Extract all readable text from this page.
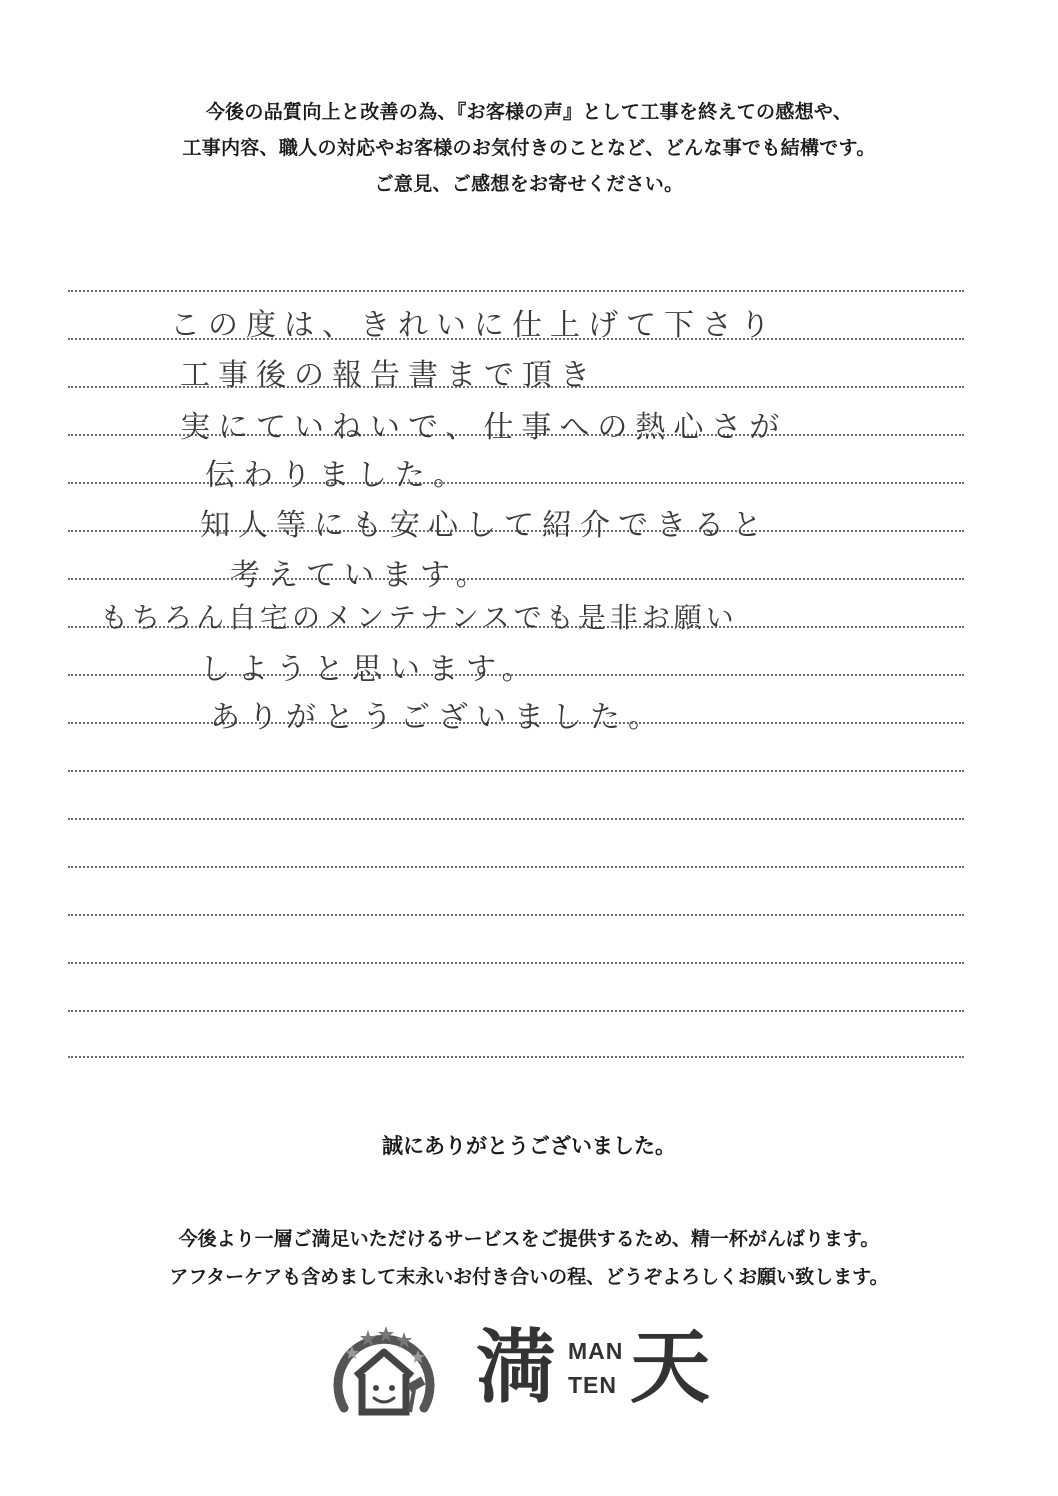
今後の品質向上と改善の為、『お客様の声』として工事を終えての感想や、
工事内容、職人の対応やお客様のお気付きのことなど、どんな事でも結構です。
ご意見、ご感想をお寄せください。
この度は、きれいに仕上げて下さり
工事後の報告書まで頂き
実にていねいで、仕事への熱心さが
伝わりました。
知人等にも安心して紹介できると
考えています。
もちろん自宅のメンテナンスでも是非お願い
しようと思います。
ありがとうございました。
誠にありがとうございました。
今後より一層ご満足いただけるサービスをご提供するため、精一杯がんばります。
アフターケアも含めまして末永いお付き合いの程、どうぞよろしくお願い致します。
満 MAN
TEN 天
